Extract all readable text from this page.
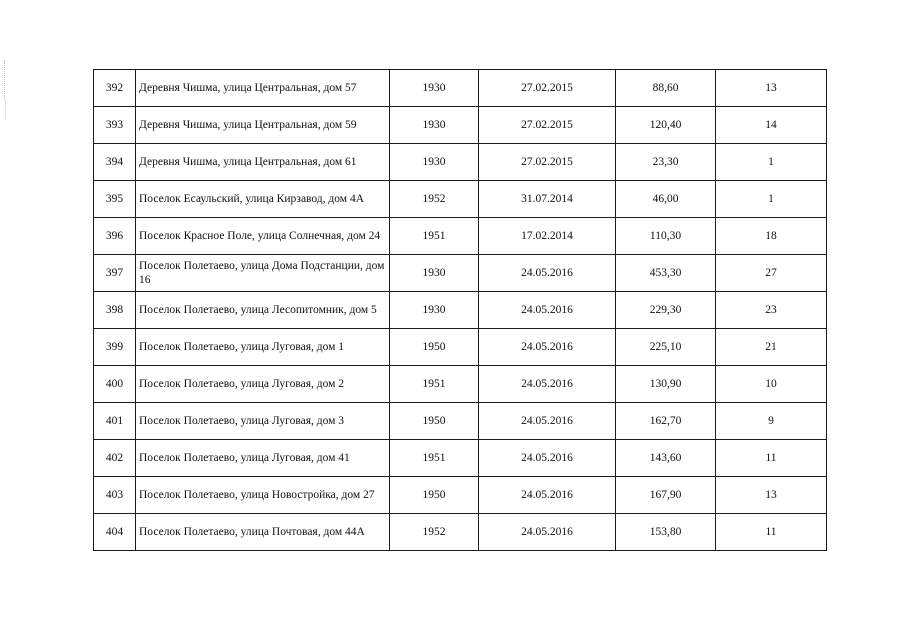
392	Деревня Чишма, улица Центральная, дом 57	1930	27.02.2015	88,60	13
393	Деревня Чишма, улица Центральная, дом 59	1930	27.02.2015	120,40	14
394	Деревня Чишма, улица Центральная, дом 61	1930	27.02.2015	23,30	1
395	Поселок Есаульский, улица Кирзавод, дом 4А	1952	31.07.2014	46,00	1
396	Поселок Красное Поле, улица Солнечная, дом 24	1951	17.02.2014	110,30	18
397	Поселок Полетаево, улица Дома Подстанции, дом 16	1930	24.05.2016	453,30	27
398	Поселок Полетаево, улица Лесопитомник, дом 5	1930	24.05.2016	229,30	23
399	Поселок Полетаево, улица Луговая, дом 1	1950	24.05.2016	225,10	21
400	Поселок Полетаево, улица Луговая, дом 2	1951	24.05.2016	130,90	10
401	Поселок Полетаево, улица Луговая, дом 3	1950	24.05.2016	162,70	9
402	Поселок Полетаево, улица Луговая, дом 41	1951	24.05.2016	143,60	11
403	Поселок Полетаево, улица Новостройка, дом 27	1950	24.05.2016	167,90	13
404	Поселок Полетаево, улица Почтовая, дом 44А	1952	24.05.2016	153,80	11
